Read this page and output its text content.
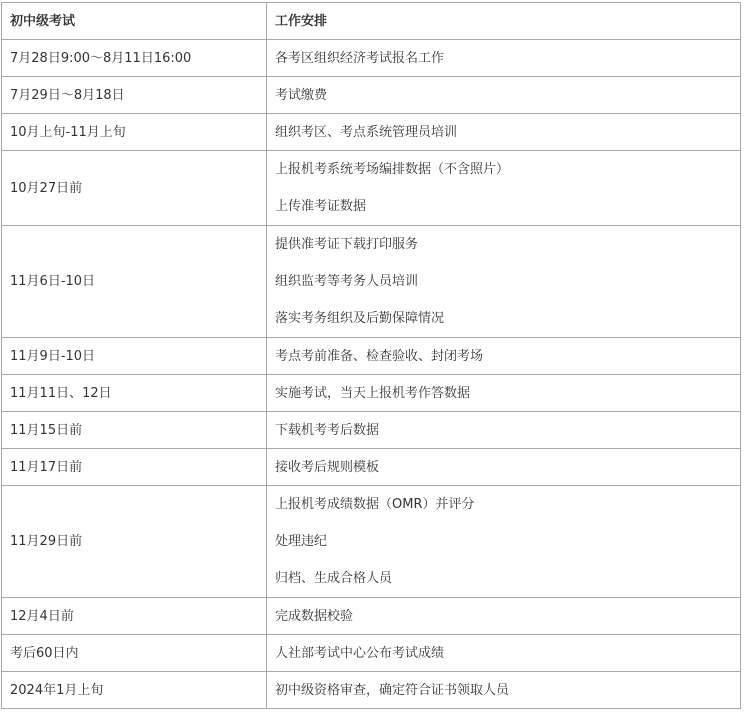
初中级考试	工作安排
7月28日9:00～8月11日16:00	各考区组织经济考试报名工作

7月29日～8月18日	考试缴费

10月上旬-11月上旬	组织考区、考点系统管理员培训

10月27日前	上报机考系统考场编排数据（不含照片）
上传准考证数据

11月6日-10日	提供准考证下载打印服务
组织监考等考务人员培训
落实考务组织及后勤保障情况

11月9日-10日	考点考前准备、检查验收、封闭考场

11月11日、12日	实施考试，当天上报机考作答数据

11月15日前	下载机考考后数据

11月17日前	接收考后规则模板

11月29日前	上报机考成绩数据（OMR）并评分
处理违纪
归档、生成合格人员

12月4日前	完成数据校验

考后60日内	人社部考试中心公布考试成绩

2024年1月上旬	初中级资格审查，确定符合证书领取人员
